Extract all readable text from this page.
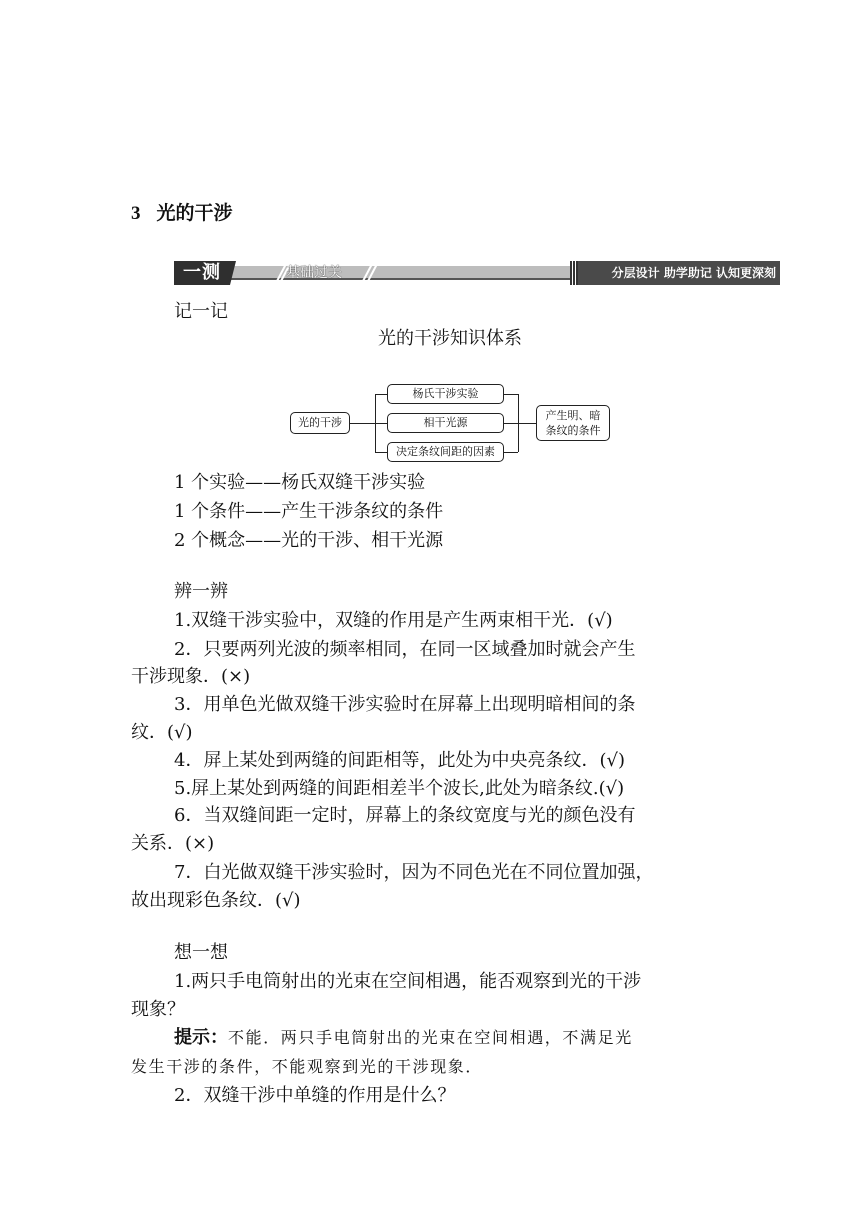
3 光的干涉
一测	基础过关	分层设计 助学助记 认知更深刻
记一记
光的干涉知识体系
光的干涉
杨氏干涉实验
相干光源
决定条纹间距的因素
产生明、暗条纹的条件
1 个实验——杨氏双缝干涉实验
1 个条件——产生干涉条纹的条件
2 个概念——光的干涉、相干光源
辨一辨
1.双缝干涉实验中，双缝的作用是产生两束相干光．(√)
2．只要两列光波的频率相同，在同一区域叠加时就会产生
干涉现象．(×)
3．用单色光做双缝干涉实验时在屏幕上出现明暗相间的条
纹．(√)
4．屏上某处到两缝的间距相等，此处为中央亮条纹．(√)
5.屏上某处到两缝的间距相差半个波长,此处为暗条纹.(√)
6．当双缝间距一定时，屏幕上的条纹宽度与光的颜色没有
关系．(×)
7．白光做双缝干涉实验时，因为不同色光在不同位置加强，
故出现彩色条纹．(√)
想一想
1.两只手电筒射出的光束在空间相遇，能否观察到光的干涉
现象？
提示：不能．两只手电筒射出的光束在空间相遇，不满足光
发生干涉的条件，不能观察到光的干涉现象．
2．双缝干涉中单缝的作用是什么？
